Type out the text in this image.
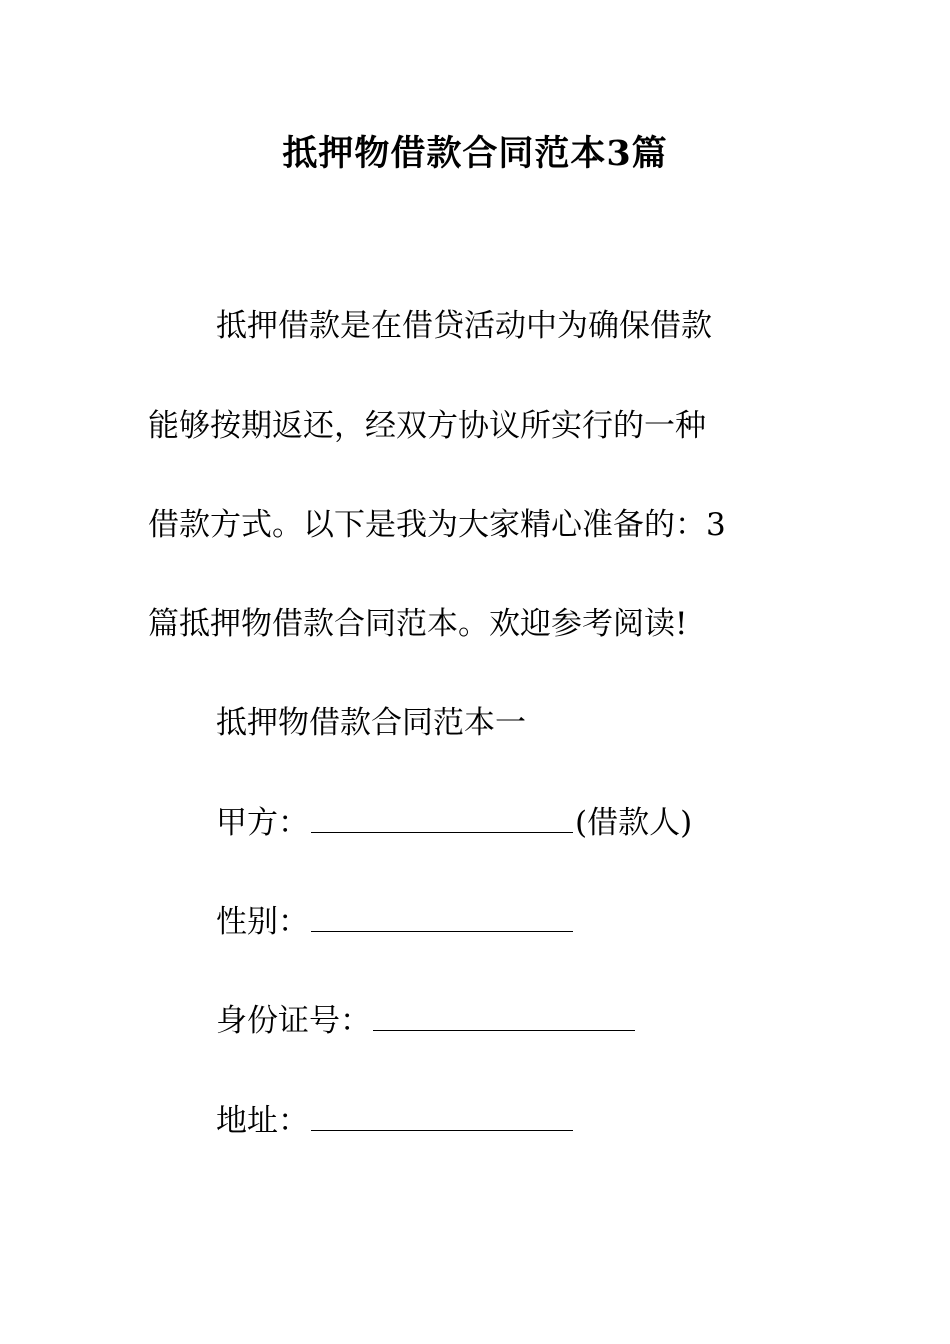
抵押物借款合同范本3篇
抵押借款是在借贷活动中为确保借款
能够按期返还，经双方协议所实行的一种
借款方式。以下是我为大家精心准备的：3
篇抵押物借款合同范本。欢迎参考阅读!
抵押物借款合同范本一
甲方：	(借款人)
性别：
身份证号：
地址：
